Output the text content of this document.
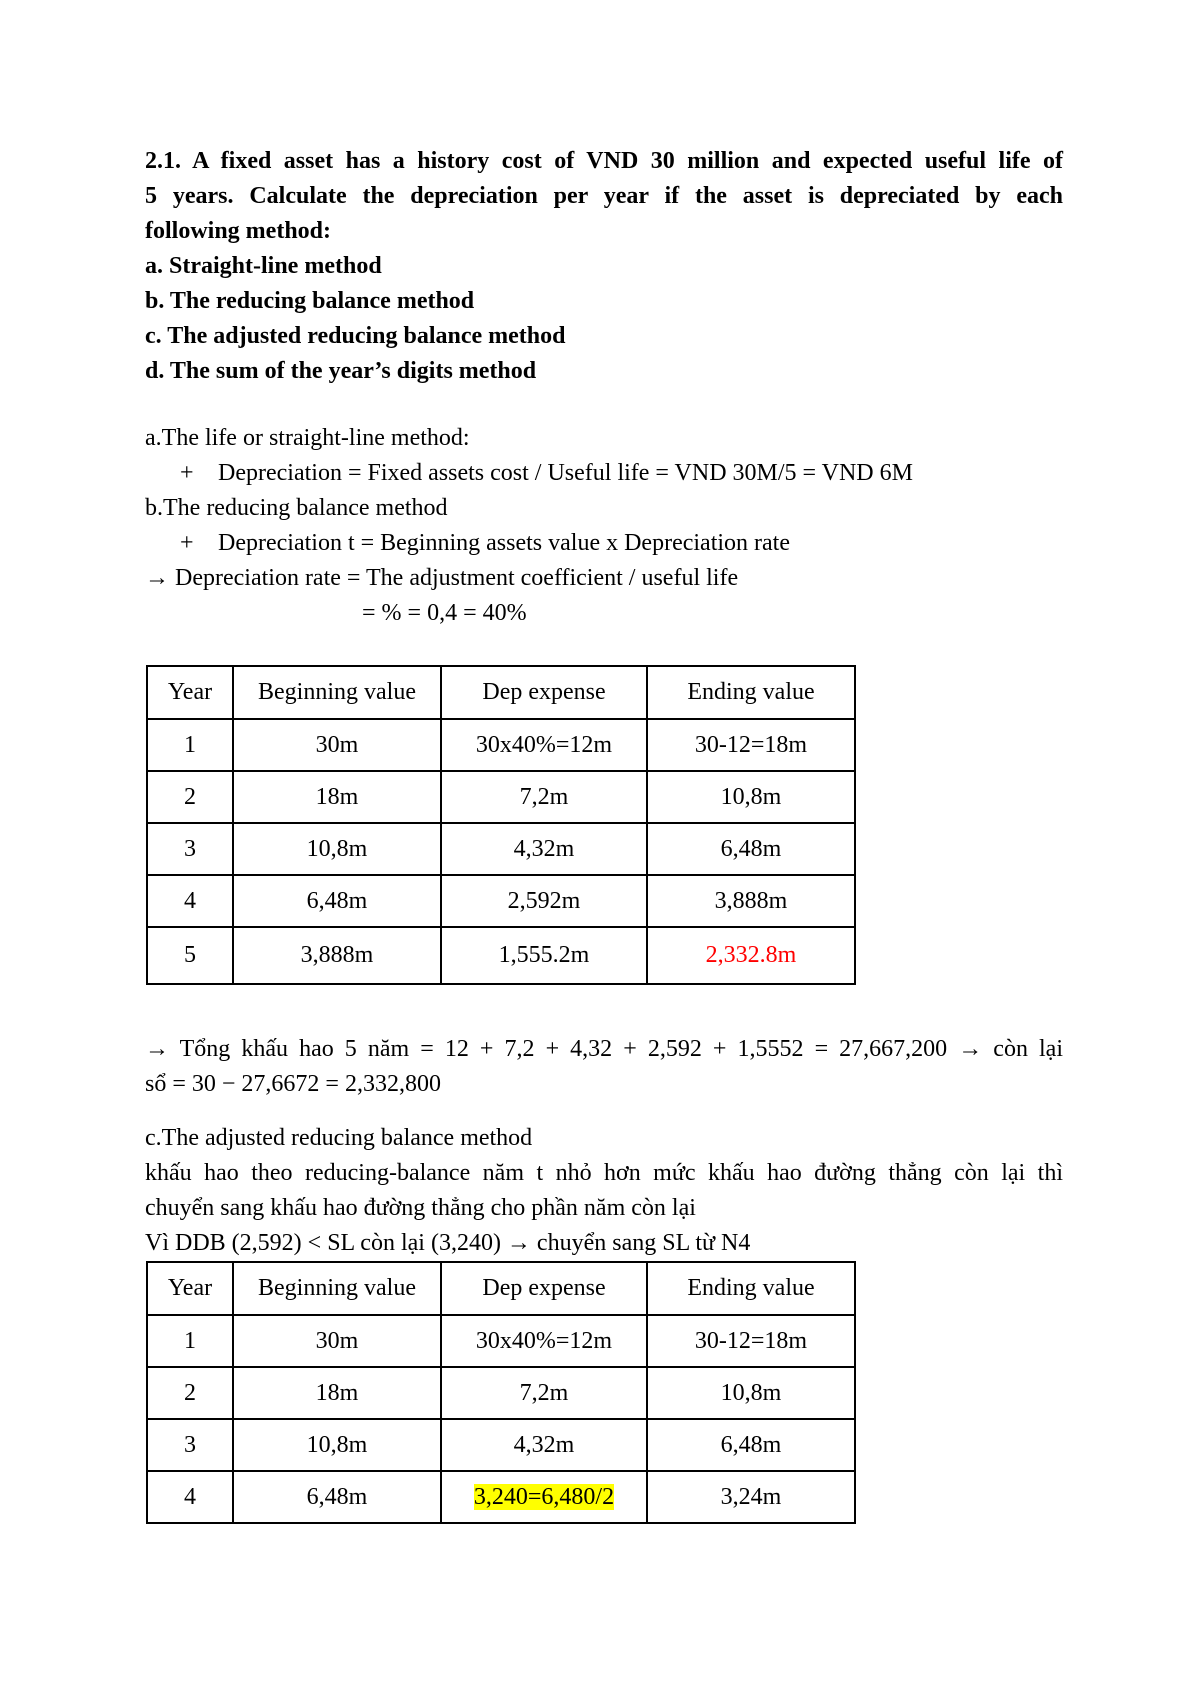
2.1. A fixed asset has a history cost of VND 30 million and expected useful life of

5 years. Calculate the depreciation per year if the asset is depreciated by each

following method:

a. Straight-line method

b. The reducing balance method

c. The adjusted reducing balance method

d. The sum of the year’s digits method

a.The life or straight-line method:

+ Depreciation = Fixed assets cost / Useful life = VND 30M/5 = VND 6M

b.The reducing balance method

+ Depreciation t = Beginning assets value x Depreciation rate

→ Depreciation rate = The adjustment coefficient / useful life

= % = 0,4 = 40%

Year	Beginning value	Dep expense	Ending value
1	30m	30x40%=12m	30-12=18m
2	18m	7,2m	10,8m
3	10,8m	4,32m	6,48m
4	6,48m	2,592m	3,888m
5	3,888m	1,555.2m	2,332.8m

→ Tổng khấu hao 5 năm = 12 + 7,2 + 4,32 + 2,592 + 1,5552 = 27,667,200 → còn lại

sổ = 30 − 27,6672 = 2,332,800

c.The adjusted reducing balance method

khấu hao theo reducing-balance năm t nhỏ hơn mức khấu hao đường thẳng còn lại thì

chuyển sang khấu hao đường thẳng cho phần năm còn lại

Vì DDB (2,592) < SL còn lại (3,240) → chuyển sang SL từ N4

Year	Beginning value	Dep expense	Ending value
1	30m	30x40%=12m	30-12=18m
2	18m	7,2m	10,8m
3	10,8m	4,32m	6,48m
4	6,48m	3,240=6,480/2	3,24m
